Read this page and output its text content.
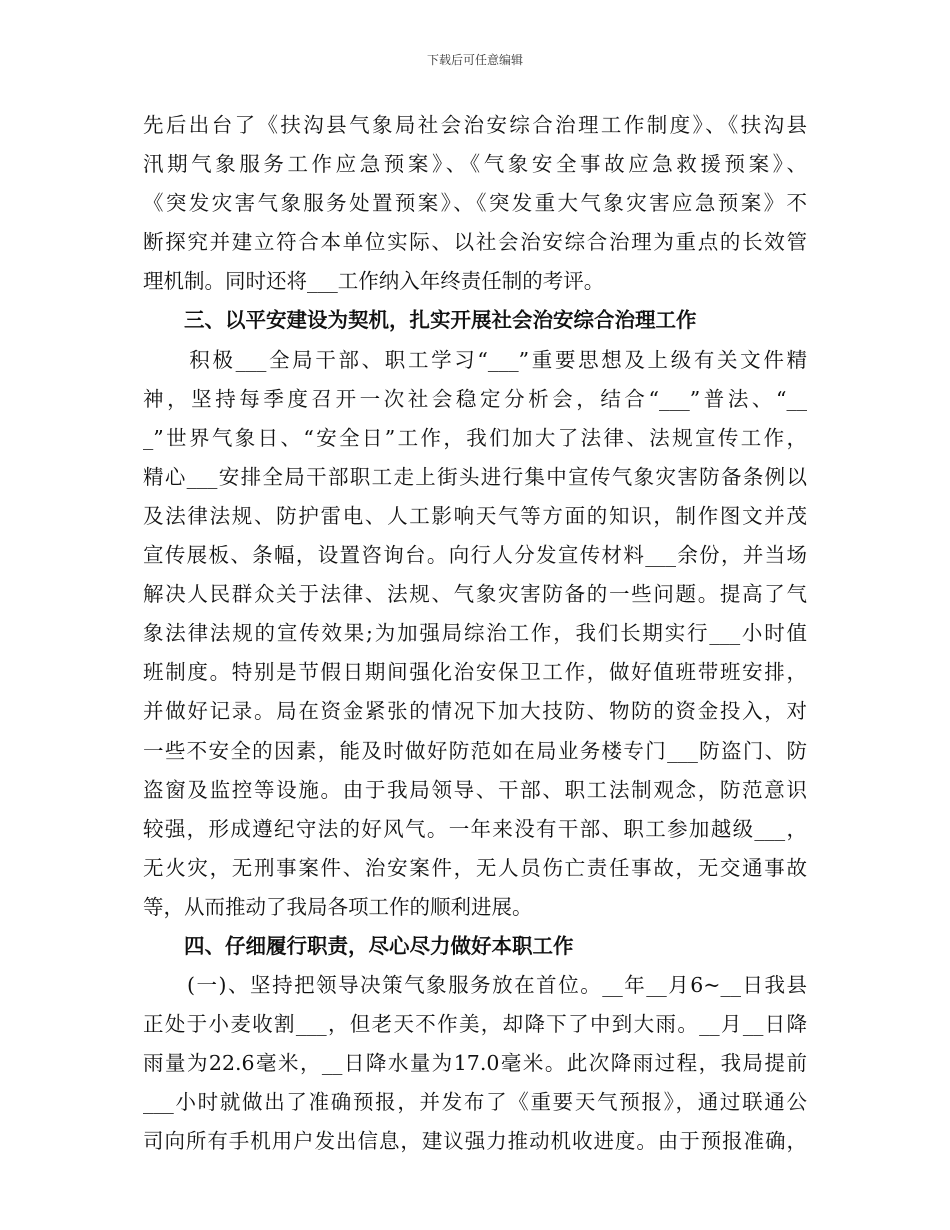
下载后可任意编辑
先后出台了《扶沟县气象局社会治安综合治理工作制度》、《扶沟县
汛期气象服务工作应急预案》、《气象安全事故应急救援预案》、
《突发灾害气象服务处置预案》、《突发重大气象灾害应急预案》不
断探究并建立符合本单位实际、以社会治安综合治理为重点的长效管
理机制。同时还将___工作纳入年终责任制的考评。
　　三、以平安建设为契机，扎实开展社会治安综合治理工作
　　积极___全局干部、职工学习“___”重要思想及上级有关文件精
神，坚持每季度召开一次社会稳定分析会，结合“___”普法、“__
_”世界气象日、“安全日”工作，我们加大了法律、法规宣传工作，
精心___安排全局干部职工走上街头进行集中宣传气象灾害防备条例以
及法律法规、防护雷电、人工影响天气等方面的知识，制作图文并茂
宣传展板、条幅，设置咨询台。向行人分发宣传材料___余份，并当场
解决人民群众关于法律、法规、气象灾害防备的一些问题。提高了气
象法律法规的宣传效果;为加强局综治工作，我们长期实行___小时值
班制度。特别是节假日期间强化治安保卫工作，做好值班带班安排，
并做好记录。局在资金紧张的情况下加大技防、物防的资金投入，对
一些不安全的因素，能及时做好防范如在局业务楼专门___防盗门、防
盗窗及监控等设施。由于我局领导、干部、职工法制观念，防范意识
较强，形成遵纪守法的好风气。一年来没有干部、职工参加越级___，
无火灾，无刑事案件、治安案件，无人员伤亡责任事故，无交通事故
等，从而推动了我局各项工作的顺利进展。
　　四、仔细履行职责，尽心尽力做好本职工作
　　(一)、坚持把领导决策气象服务放在首位。__年__月6~__日我县
正处于小麦收割___，但老天不作美，却降下了中到大雨。__月__日降
雨量为22.6毫米，__日降水量为17.0毫米。此次降雨过程，我局提前
___小时就做出了准确预报，并发布了《重要天气预报》，通过联通公
司向所有手机用户发出信息，建议强力推动机收进度。由于预报准确，
